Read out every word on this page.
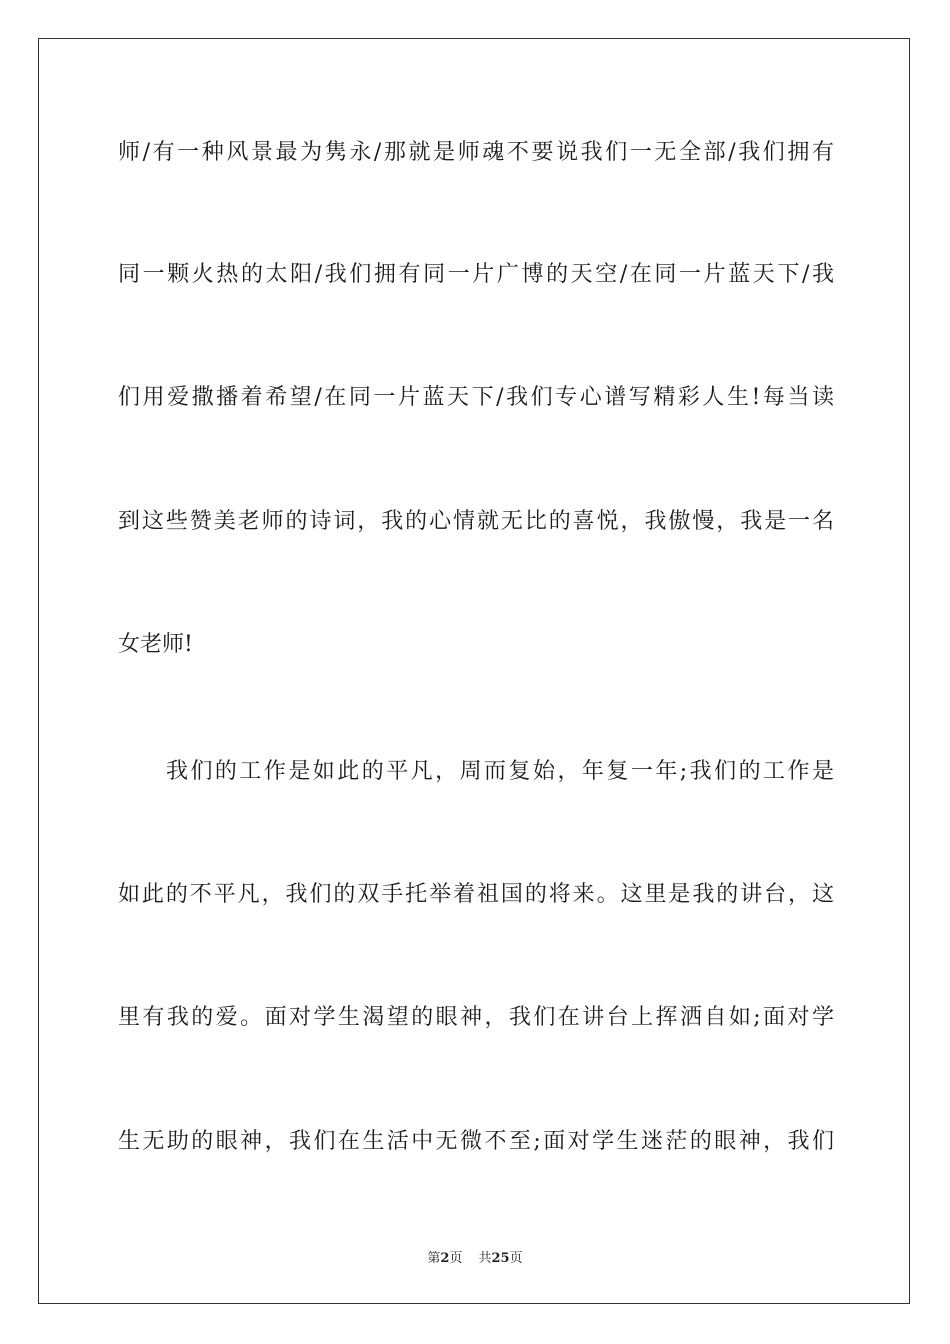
师/有一种风景最为隽永/那就是师魂不要说我们一无全部/我们拥有
同一颗火热的太阳/我们拥有同一片广博的天空/在同一片蓝天下/我
们用爱撒播着希望/在同一片蓝天下/我们专心谱写精彩人生!每当读
到这些赞美老师的诗词，我的心情就无比的喜悦，我傲慢，我是一名
女老师!
我们的工作是如此的平凡，周而复始，年复一年;我们的工作是
如此的不平凡，我们的双手托举着祖国的将来。这里是我的讲台，这
里有我的爱。面对学生渴望的眼神，我们在讲台上挥洒自如;面对学
生无助的眼神，我们在生活中无微不至;面对学生迷茫的眼神，我们
第2页 共25页
